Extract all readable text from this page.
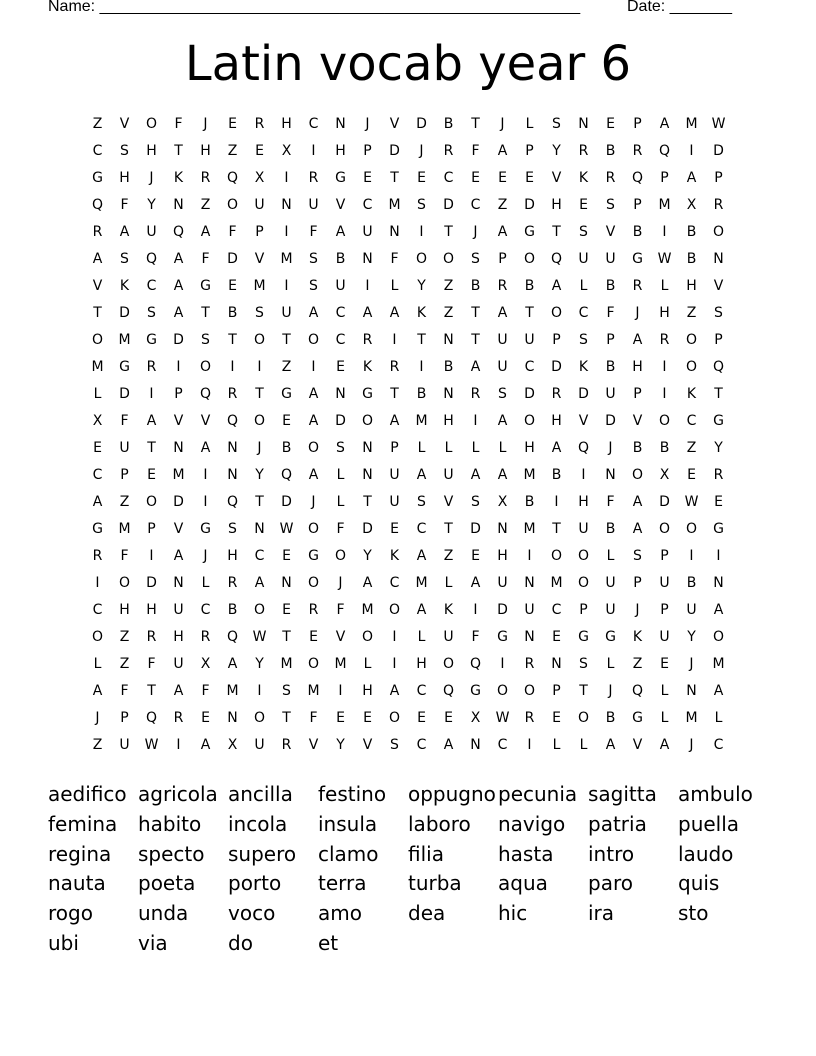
Name: ______________________________________________________	Date: _______
Latin vocab year 6
Z	V	O	F	J	E	R	H	C	N	J	V	D	B	T	J	L	S	N	E	P	A	M	W
C	S	H	T	H	Z	E	X	I	H	P	D	J	R	F	A	P	Y	R	B	R	Q	I	D
G	H	J	K	R	Q	X	I	R	G	E	T	E	C	E	E	E	V	K	R	Q	P	A	P
Q	F	Y	N	Z	O	U	N	U	V	C	M	S	D	C	Z	D	H	E	S	P	M	X	R
R	A	U	Q	A	F	P	I	F	A	U	N	I	T	J	A	G	T	S	V	B	I	B	O
A	S	Q	A	F	D	V	M	S	B	N	F	O	O	S	P	O	Q	U	U	G	W	B	N
V	K	C	A	G	E	M	I	S	U	I	L	Y	Z	B	R	B	A	L	B	R	L	H	V
T	D	S	A	T	B	S	U	A	C	A	A	K	Z	T	A	T	O	C	F	J	H	Z	S
O	M	G	D	S	T	O	T	O	C	R	I	T	N	T	U	U	P	S	P	A	R	O	P
M	G	R	I	O	I	I	Z	I	E	K	R	I	B	A	U	C	D	K	B	H	I	O	Q
L	D	I	P	Q	R	T	G	A	N	G	T	B	N	R	S	D	R	D	U	P	I	K	T
X	F	A	V	V	Q	O	E	A	D	O	A	M	H	I	A	O	H	V	D	V	O	C	G
E	U	T	N	A	N	J	B	O	S	N	P	L	L	L	L	H	A	Q	J	B	B	Z	Y
C	P	E	M	I	N	Y	Q	A	L	N	U	A	U	A	A	M	B	I	N	O	X	E	R
A	Z	O	D	I	Q	T	D	J	L	T	U	S	V	S	X	B	I	H	F	A	D	W	E
G	M	P	V	G	S	N	W	O	F	D	E	C	T	D	N	M	T	U	B	A	O	O	G
R	F	I	A	J	H	C	E	G	O	Y	K	A	Z	E	H	I	O	O	L	S	P	I	I
I	O	D	N	L	R	A	N	O	J	A	C	M	L	A	U	N	M	O	U	P	U	B	N
C	H	H	U	C	B	O	E	R	F	M	O	A	K	I	D	U	C	P	U	J	P	U	A
O	Z	R	H	R	Q	W	T	E	V	O	I	L	U	F	G	N	E	G	G	K	U	Y	O
L	Z	F	U	X	A	Y	M	O	M	L	I	H	O	Q	I	R	N	S	L	Z	E	J	M
A	F	T	A	F	M	I	S	M	I	H	A	C	Q	G	O	O	P	T	J	Q	L	N	A
J	P	Q	R	E	N	O	T	F	E	E	O	E	E	X	W	R	E	O	B	G	L	M	L
Z	U	W	I	A	X	U	R	V	Y	V	S	C	A	N	C	I	L	L	A	V	A	J	C
aedifico agricola ancilla	festino	oppugno pecunia sagitta	ambulo
femina	habito	incola	insula	laboro	navigo	patria	puella
regina	specto	supero	clamo	filia	hasta	intro	laudo
nauta	poeta	porto	terra	turba	aqua	paro	quis
rogo	unda	voco	amo	dea	hic	ira	sto
ubi	via	do	et
